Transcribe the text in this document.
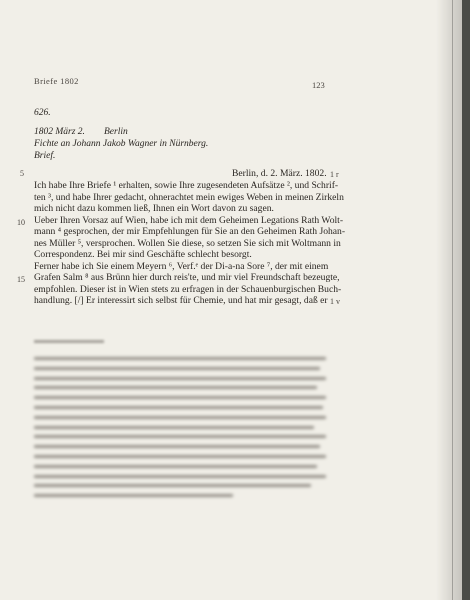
Briefe 1802	123
626.
1802 März 2. Berlin
Fichte an Johann Jakob Wagner in Nürnberg.
Brief.
Berlin, d. 2. März. 1802.
Ich habe Ihre Briefe ¹ erhalten, sowie Ihre zugesendeten Aufsätze ², und Schrif-
ten ³, und habe Ihrer gedacht, ohnerachtet mein ewiges Weben in meinen Zirkeln
mich nicht dazu kommen ließ, Ihnen ein Wort davon zu sagen.
Ueber Ihren Vorsaz auf Wien, habe ich mit dem Geheimen Legations Rath Wolt-
mann ⁴ gesprochen, der mir Empfehlungen für Sie an den Geheimen Rath Johan-
nes Müller ⁵, versprochen. Wollen Sie diese, so setzen Sie sich mit Woltmann in
Correspondenz. Bei mir sind Geschäfte schlecht besorgt.
Ferner habe ich Sie einem Meyern ⁶, Verf.ᵉ der Di-a-na Sore ⁷, der mit einem
Grafen Salm ⁸ aus Brünn hier durch reis'te, und mir viel Freundschaft bezeugte,
empfohlen. Dieser ist in Wien stets zu erfragen in der Schauenburgischen Buch-
handlung. [/] Er interessirt sich selbst für Chemie, und hat mir gesagt, daß er
5
10
15
1 r
1 v
